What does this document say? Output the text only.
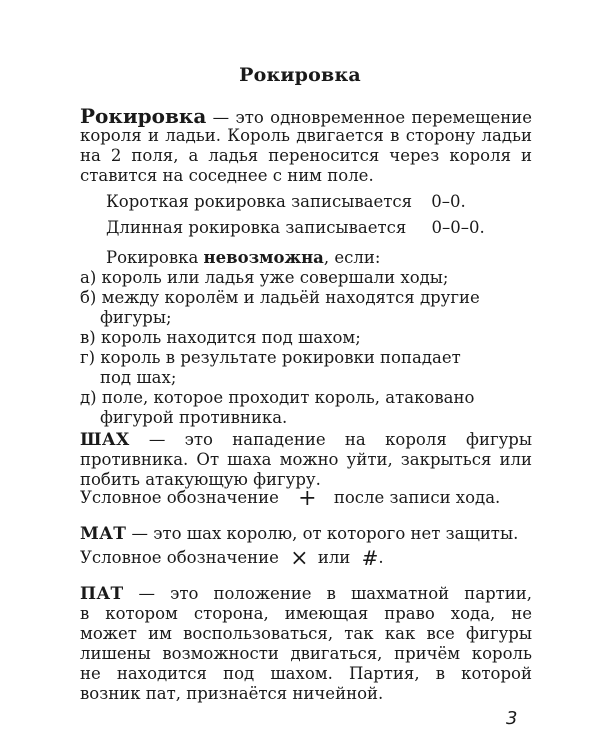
Рокировка
Рокировка — это одновременное перемещение
короля и ладьи. Король двигается в сторону ладьи
на 2 поля, а ладья переносится через короля и
ставится на соседнее с ним поле.
Короткая рокировка записывается 0–0.
Длинная рокировка записывается 0–0–0.
Рокировка невозможна, если:
а) король или ладья уже совершали ходы;
б) между королём и ладьёй находятся другие
фигуры;
в) король находится под шахом;
г) король в результате рокировки попадает
под шах;
д) поле, которое проходит король, атаковано
фигурой противника.
ШАХ — это нападение на короля фигуры
противника. От шаха можно уйти, закрыться или
побить атакующую фигуру.
Условное обозначение + после записи хода.
МАТ — это шах королю, от которого нет защиты.
Условное обозначение × или #.
ПАТ — это положение в шахматной партии,
в котором сторона, имеющая право хода, не
может им воспользоваться, так как все фигуры
лишены возможности двигаться, причём король
не находится под шахом. Партия, в которой
возник пат, признаётся ничейной.
3
